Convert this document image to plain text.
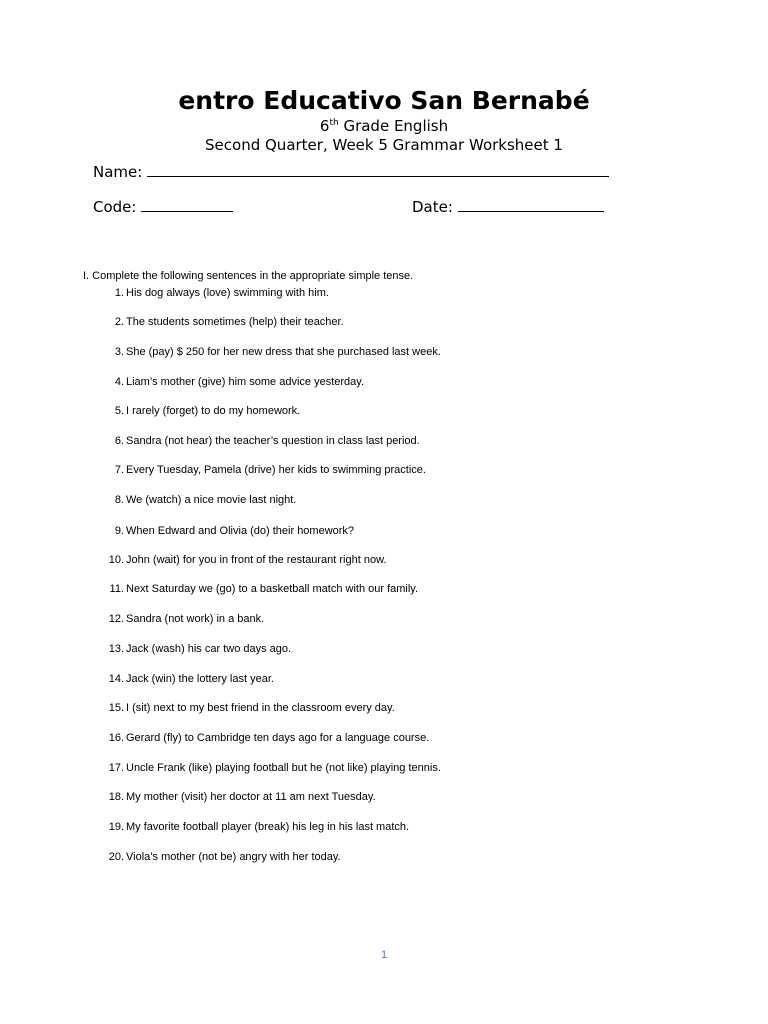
entro Educativo San Bernabé
6th Grade English
Second Quarter, Week 5 Grammar Worksheet 1
Name:
Code:	Date:
I. Complete the following sentences in the appropriate simple tense.
1. His dog always (love) swimming with him.
2. The students sometimes (help) their teacher.
3. She (pay) $ 250 for her new dress that she purchased last week.
4. Liam’s mother (give) him some advice yesterday.
5. I rarely (forget) to do my homework.
6. Sandra (not hear) the teacher’s question in class last period.
7. Every Tuesday, Pamela (drive) her kids to swimming practice.
8. We (watch) a nice movie last night.
9. When Edward and Olivia (do) their homework?
10. John (wait) for you in front of the restaurant right now.
11. Next Saturday we (go) to a basketball match with our family.
12. Sandra (not work) in a bank.
13. Jack (wash) his car two days ago.
14. Jack (win) the lottery last year.
15. I (sit) next to my best friend in the classroom every day.
16. Gerard (fly) to Cambridge ten days ago for a language course.
17. Uncle Frank (like) playing football but he (not like) playing tennis.
18. My mother (visit) her doctor at 11 am next Tuesday.
19. My favorite football player (break) his leg in his last match.
20. Viola’s mother (not be) angry with her today.
1
